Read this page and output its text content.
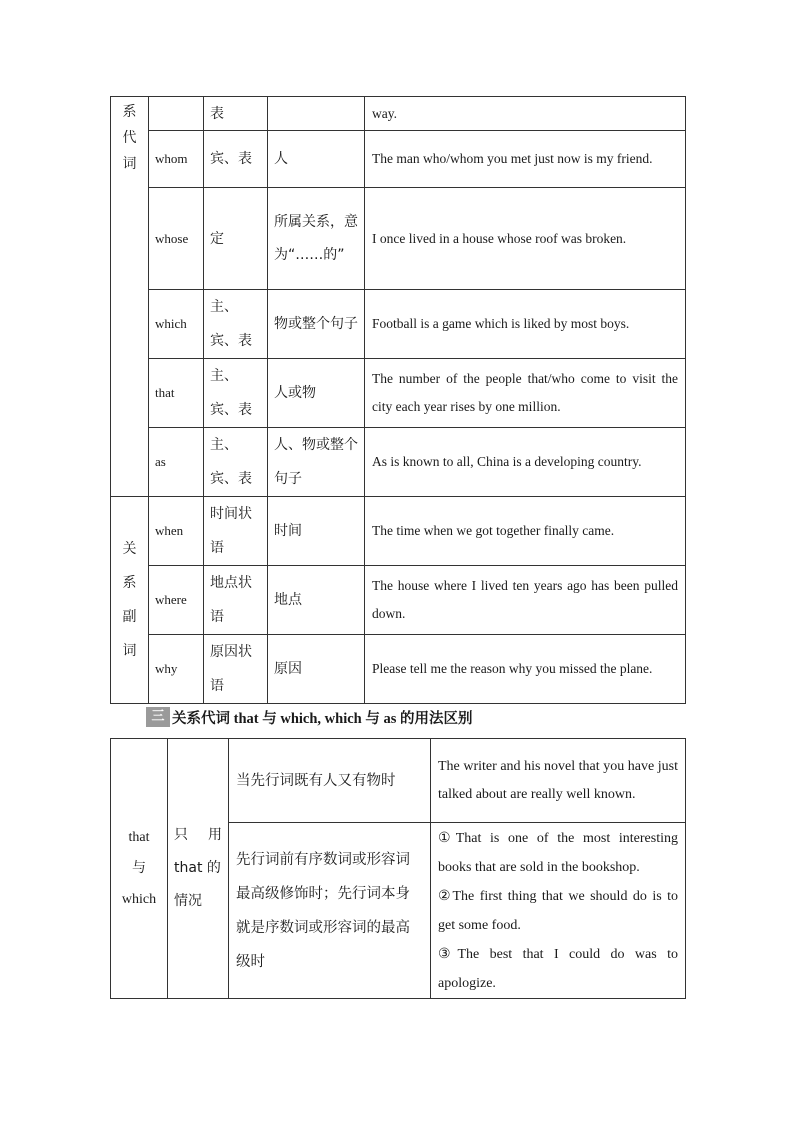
系
代
词		表		way.
	whom	宾、表	人	The man who/whom you met just now is my friend.
	whose	定	所属关系，意为“……的”	I once lived in a house whose roof was broken.
	which	主、宾、表	物或整个句子	Football is a game which is liked by most boys.
	that	主、宾、表	人或物	The number of the people that/who come to visit the city each year rises by one million.
	as	主、宾、表	人、物或整个句子	As is known to all, China is a developing country.

关
系
副
词	when	时间状语	时间	The time when we got together finally came.
	where	地点状语	地点	The house where I lived ten years ago has been pulled down.
	why	原因状语	原因	Please tell me the reason why you missed the plane.
三 关系代词 that 与 which, which 与 as 的用法区别
that
与
which	只 用
that 的
情况	当先行词既有人又有物时	The writer and his novel that you have just talked about are really well known.

		先行词前有序数词或形容词最高级修饰时；先行词本身就是序数词或形容词的最高级时	①That is one of the most interesting books that are sold in the bookshop.
②The first thing that we should do is to get some food.
③The best that I could do was to apologize.
